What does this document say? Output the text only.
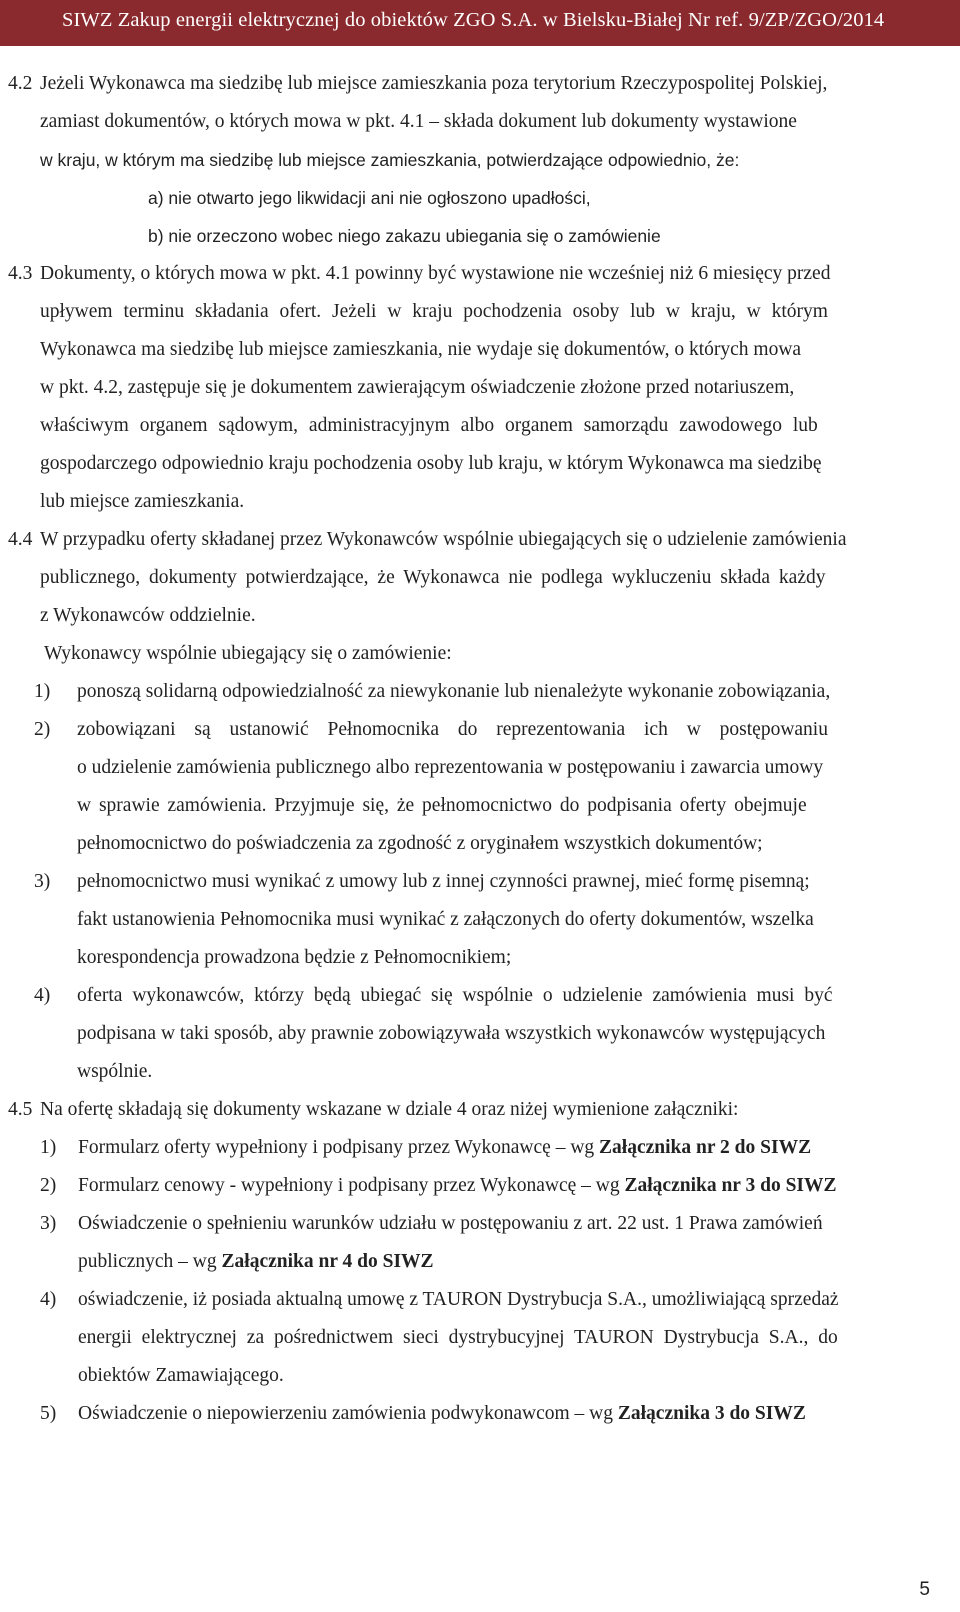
SIWZ Zakup energii elektrycznej do obiektów ZGO S.A. w Bielsku-Białej Nr ref. 9/ZP/ZGO/2014
4.2 Jeżeli Wykonawca ma siedzibę lub miejsce zamieszkania poza terytorium Rzeczypospolitej Polskiej,
zamiast dokumentów, o których mowa w pkt. 4.1 – składa dokument lub dokumenty wystawione
w kraju, w którym ma siedzibę lub miejsce zamieszkania, potwierdzające odpowiednio, że:
a) nie otwarto jego likwidacji ani nie ogłoszono upadłości,
b) nie orzeczono wobec niego zakazu ubiegania się o zamówienie
4.3 Dokumenty, o których mowa w pkt. 4.1 powinny być wystawione nie wcześniej niż 6 miesięcy przed
upływem terminu składania ofert. Jeżeli w kraju pochodzenia osoby lub w kraju, w którym
Wykonawca ma siedzibę lub miejsce zamieszkania, nie wydaje się dokumentów, o których mowa
w pkt. 4.2, zastępuje się je dokumentem zawierającym oświadczenie złożone przed notariuszem,
właściwym organem sądowym, administracyjnym albo organem samorządu zawodowego lub
gospodarczego odpowiednio kraju pochodzenia osoby lub kraju, w którym Wykonawca ma siedzibę
lub miejsce zamieszkania.
4.4 W przypadku oferty składanej przez Wykonawców wspólnie ubiegających się o udzielenie zamówienia
publicznego, dokumenty potwierdzające, że Wykonawca nie podlega wykluczeniu składa każdy
z Wykonawców oddzielnie.
Wykonawcy wspólnie ubiegający się o zamówienie:
1) ponoszą solidarną odpowiedzialność za niewykonanie lub nienależyte wykonanie zobowiązania,
2) zobowiązani są ustanowić Pełnomocnika do reprezentowania ich w postępowaniu
o udzielenie zamówienia publicznego albo reprezentowania w postępowaniu i zawarcia umowy
w sprawie zamówienia. Przyjmuje się, że pełnomocnictwo do podpisania oferty obejmuje
pełnomocnictwo do poświadczenia za zgodność z oryginałem wszystkich dokumentów;
3) pełnomocnictwo musi wynikać z umowy lub z innej czynności prawnej, mieć formę pisemną;
fakt ustanowienia Pełnomocnika musi wynikać z załączonych do oferty dokumentów, wszelka
korespondencja prowadzona będzie z Pełnomocnikiem;
4) oferta wykonawców, którzy będą ubiegać się wspólnie o udzielenie zamówienia musi być
podpisana w taki sposób, aby prawnie zobowiązywała wszystkich wykonawców występujących
wspólnie.
4.5 Na ofertę składają się dokumenty wskazane w dziale 4 oraz niżej wymienione załączniki:
1) Formularz oferty wypełniony i podpisany przez Wykonawcę – wg Załącznika nr 2 do SIWZ
2) Formularz cenowy - wypełniony i podpisany przez Wykonawcę – wg Załącznika nr 3 do SIWZ
3) Oświadczenie o spełnieniu warunków udziału w postępowaniu z art. 22 ust. 1 Prawa zamówień
publicznych – wg Załącznika nr 4 do SIWZ
4) oświadczenie, iż posiada aktualną umowę z TAURON Dystrybucja S.A., umożliwiającą sprzedaż
energii elektrycznej za pośrednictwem sieci dystrybucyjnej TAURON Dystrybucja S.A., do
obiektów Zamawiającego.
5) Oświadczenie o niepowierzeniu zamówienia podwykonawcom – wg Załącznika 3 do SIWZ
5
